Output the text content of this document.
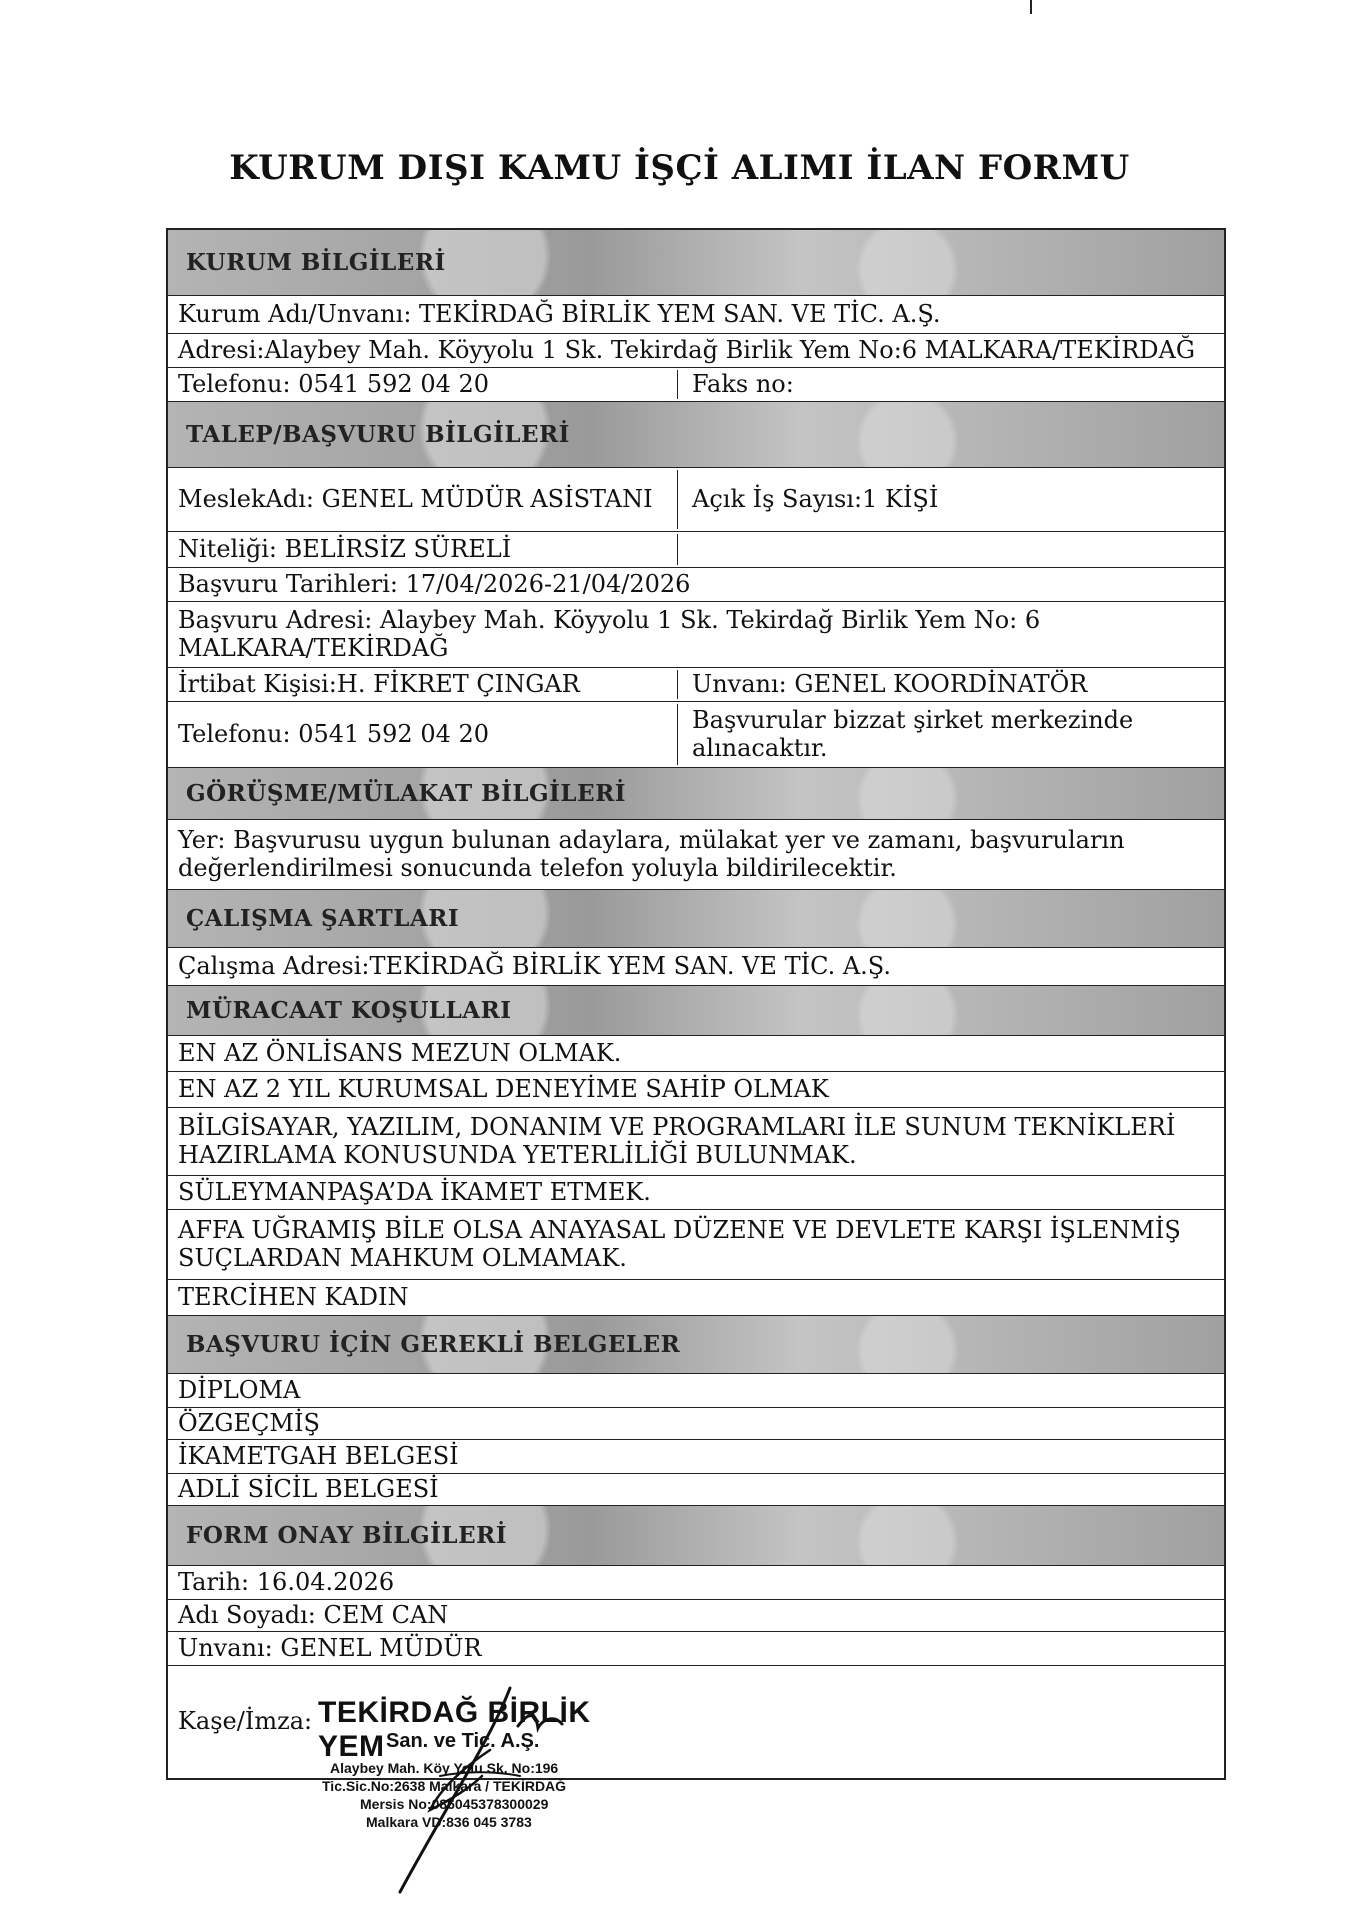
KURUM DIŞI KAMU İŞÇİ ALIMI İLAN FORMU
KURUM BİLGİLERİ
Kurum Adı/Unvanı: TEKİRDAĞ BİRLİK YEM SAN. VE TİC. A.Ş.
Adresi:Alaybey Mah. Köyyolu 1 Sk. Tekirdağ Birlik Yem No:6 MALKARA/TEKİRDAĞ
Telefonu: 0541 592 04 20	Faks no:
TALEP/BAŞVURU BİLGİLERİ
MeslekAdı: GENEL MÜDÜR ASİSTANI	Açık İş Sayısı:1 KİŞİ
Niteliği: BELİRSİZ SÜRELİ
Başvuru Tarihleri: 17/04/2026-21/04/2026
Başvuru Adresi: Alaybey Mah. Köyyolu 1 Sk. Tekirdağ Birlik Yem No: 6 MALKARA/TEKİRDAĞ
İrtibat Kişisi:H. FİKRET ÇINGAR	Unvanı: GENEL KOORDİNATÖR
Telefonu: 0541 592 04 20	Başvurular bizzat şirket merkezinde alınacaktır.
GÖRÜŞME/MÜLAKAT BİLGİLERİ
Yer: Başvurusu uygun bulunan adaylara, mülakat yer ve zamanı, başvuruların değerlendirilmesi sonucunda telefon yoluyla bildirilecektir.
ÇALIŞMA ŞARTLARI
Çalışma Adresi:TEKİRDAĞ BİRLİK YEM SAN. VE TİC. A.Ş.
MÜRACAAT KOŞULLARI
EN AZ ÖNLİSANS MEZUN OLMAK.
EN AZ 2 YIL KURUMSAL DENEYİME SAHİP OLMAK
BİLGİSAYAR, YAZILIM, DONANIM VE PROGRAMLARI İLE SUNUM TEKNİKLERİ HAZIRLAMA KONUSUNDA YETERLİLİĞİ BULUNMAK.
SÜLEYMANPAŞA’DA İKAMET ETMEK.
AFFA UĞRAMIŞ BİLE OLSA ANAYASAL DÜZENE VE DEVLETE KARŞI İŞLENMİŞ SUÇLARDAN MAHKUM OLMAMAK.
TERCİHEN KADIN
BAŞVURU İÇİN GEREKLİ BELGELER
DİPLOMA
ÖZGEÇMİŞ
İKAMETGAH BELGESİ
ADLİ SİCİL BELGESİ
FORM ONAY BİLGİLERİ
Tarih: 16.04.2026
Adı Soyadı: CEM CAN
Unvanı: GENEL MÜDÜR
Kaşe/İmza: TEKİRDAĞ BİRLİK YEM San. ve Tic. A.Ş.
Alaybey Mah. Köy Yolu Sk. No:196
Tic.Sic.No:2638 Malkara / TEKİRDAĞ
Mersis No:086045378300029
Malkara VD:836 045 3783
